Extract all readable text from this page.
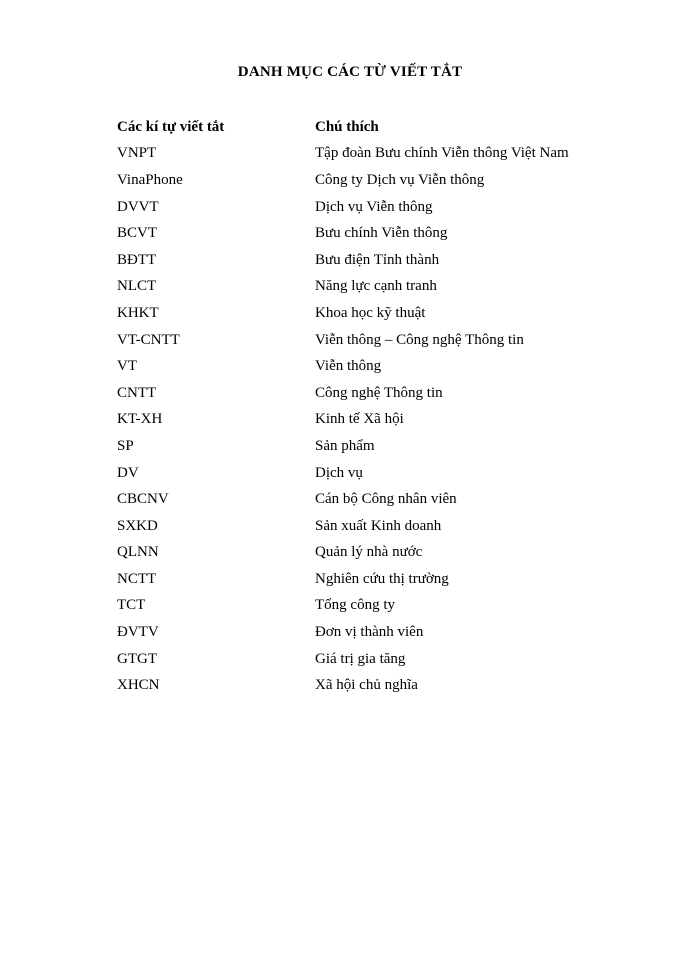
DANH MỤC CÁC TỪ VIẾT TẮT
Các kí tự viết tắt	Chú thích
VNPT	Tập đoàn Bưu chính Viễn thông Việt Nam
VinaPhone	Công ty Dịch vụ Viễn thông
DVVT	Dịch vụ Viễn thông
BCVT	Bưu chính Viễn thông
BĐTT	Bưu điện Tỉnh thành
NLCT	Năng lực cạnh tranh
KHKT	Khoa học kỹ thuật
VT-CNTT	Viễn thông – Công nghệ Thông tin
VT	Viễn thông
CNTT	Công nghệ Thông tin
KT-XH	Kinh tế Xã hội
SP	Sản phẩm
DV	Dịch vụ
CBCNV	Cán bộ Công nhân viên
SXKD	Sản xuất Kinh doanh
QLNN	Quản lý nhà nước
NCTT	Nghiên cứu thị trường
TCT	Tổng công ty
ĐVTV	Đơn vị thành viên
GTGT	Giá trị gia tăng
XHCN	Xã hội chủ nghĩa
